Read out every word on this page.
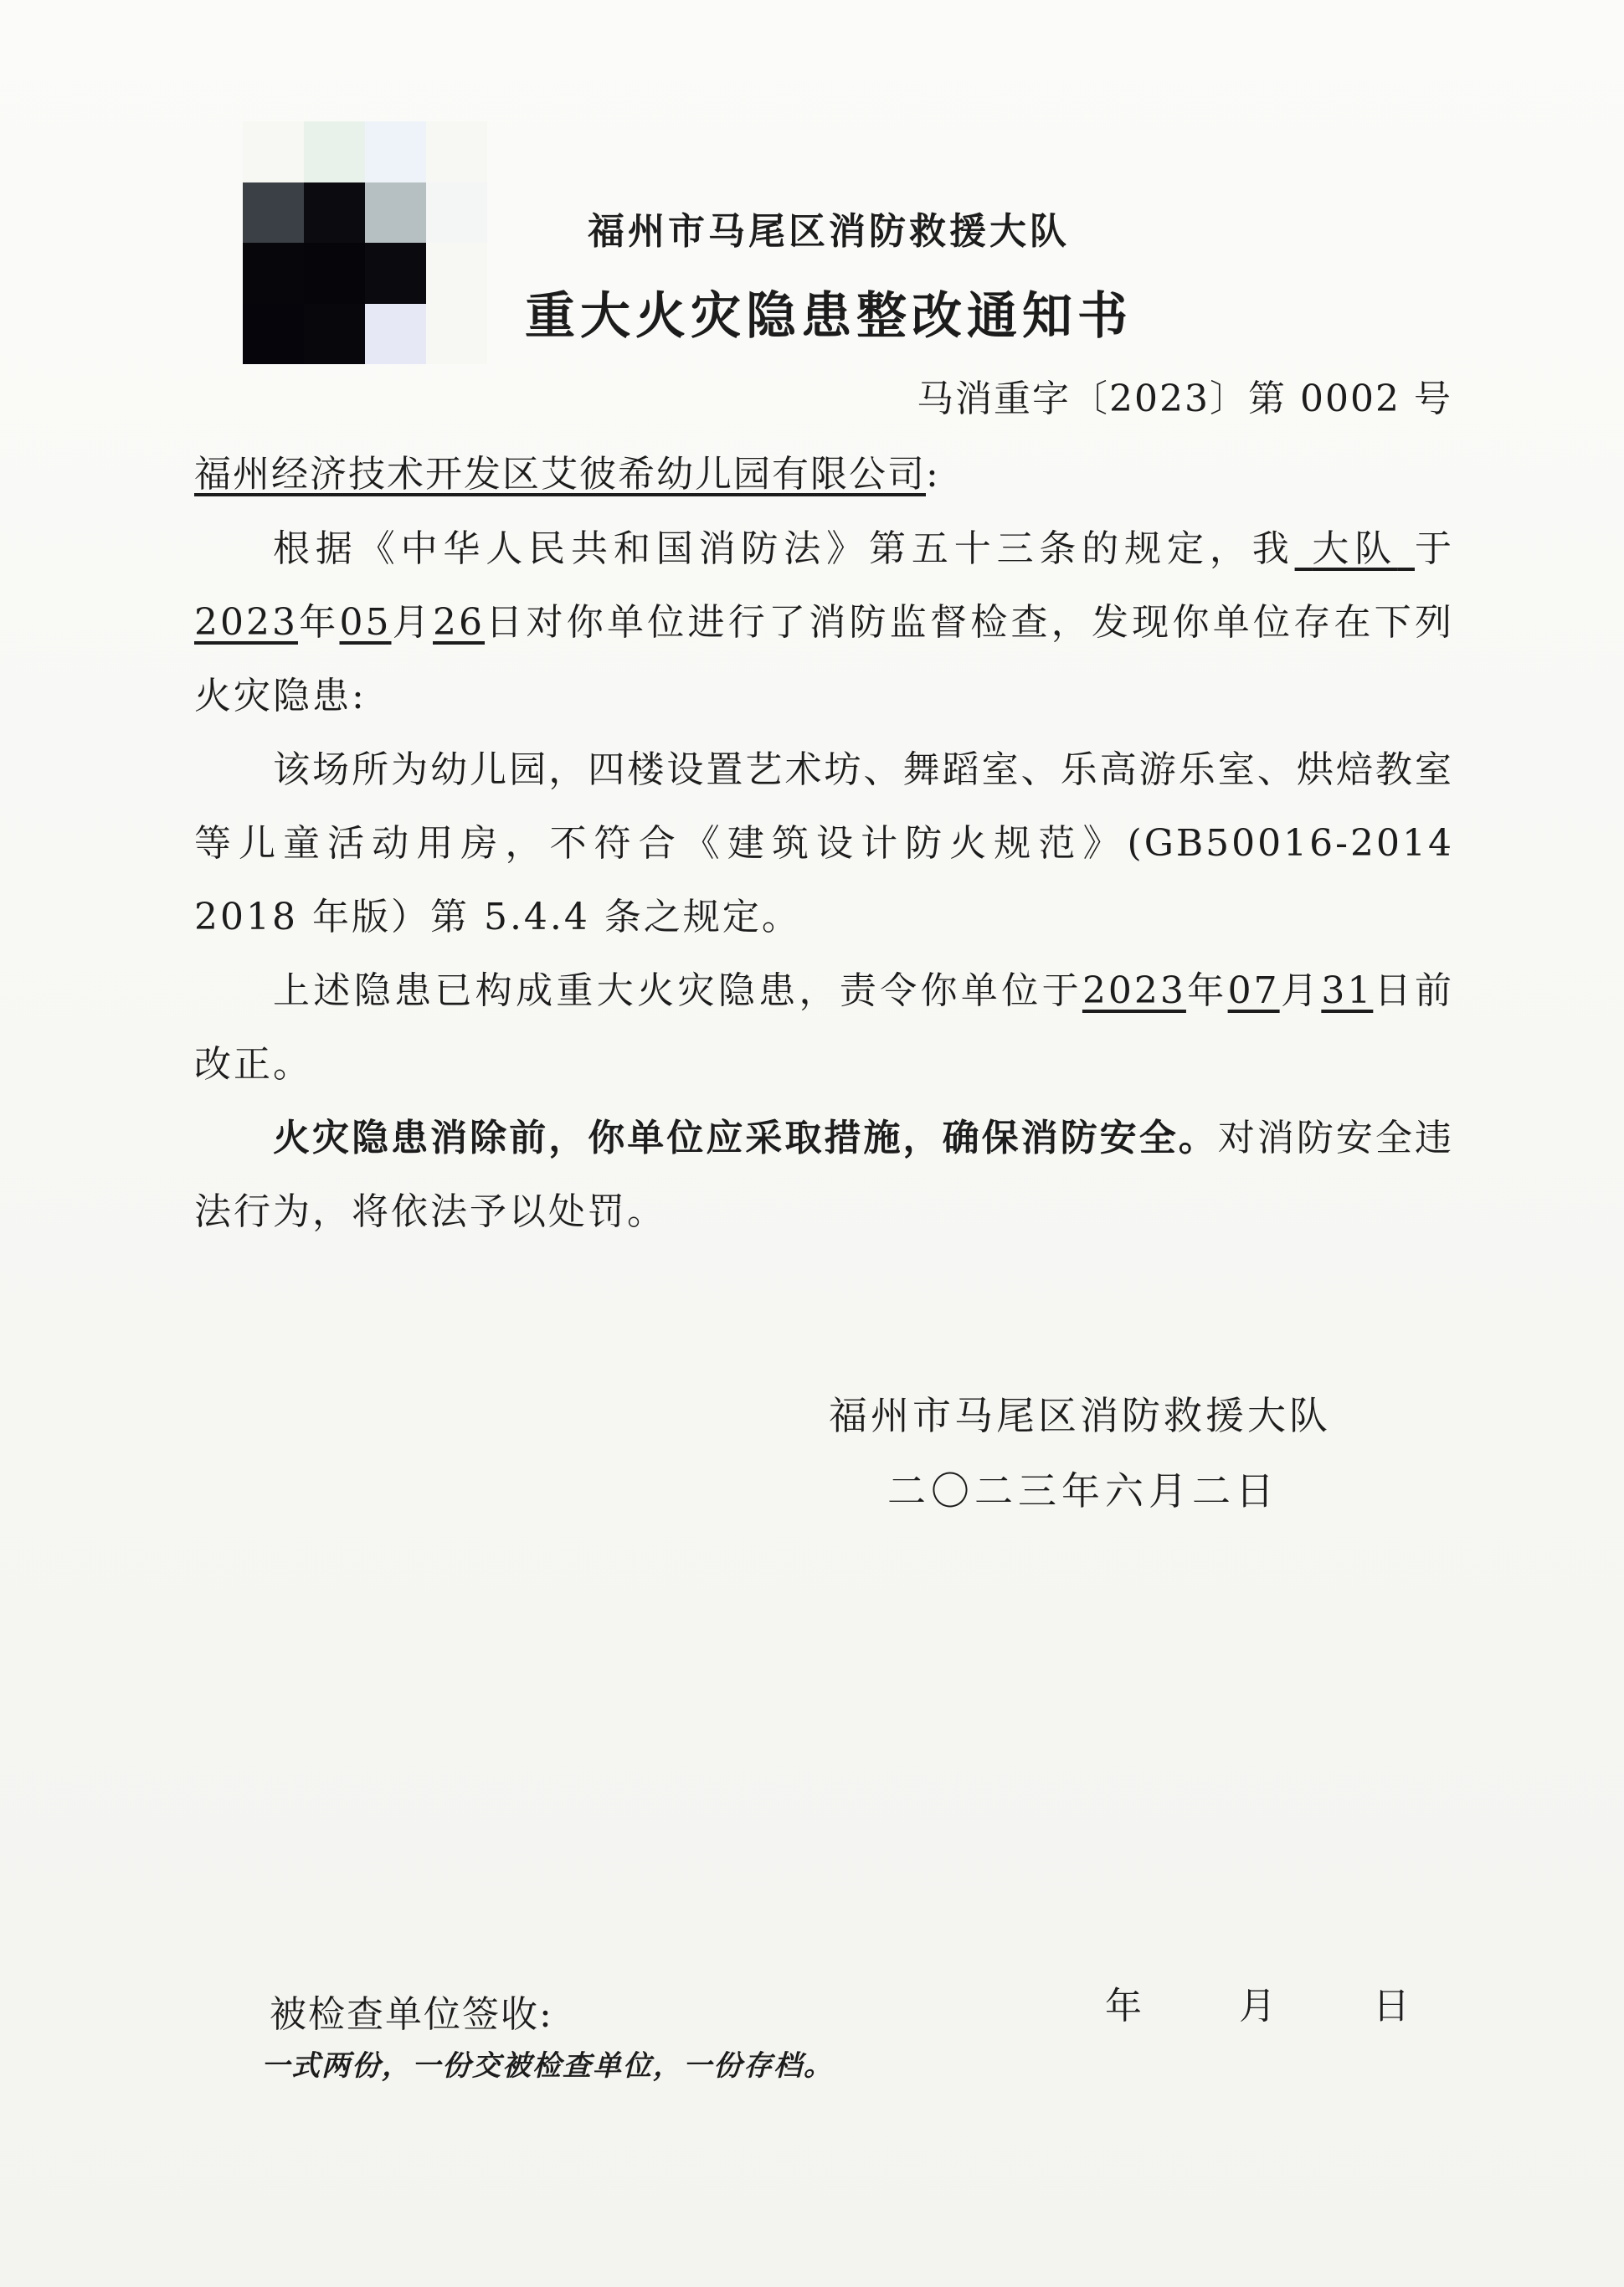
福州市马尾区消防救援大队
重大火灾隐患整改通知书
马消重字〔2023〕第 0002 号
福州经济技术开发区艾彼希幼儿园有限公司:

根据《中华人民共和国消防法》第五十三条的规定，我 大队 于2023年05月26日对你单位进行了消防监督检查，发现你单位存在下列火灾隐患:

该场所为幼儿园，四楼设置艺术坊、舞蹈室、乐高游乐室、烘焙教室等儿童活动用房，不符合《建筑设计防火规范》(GB50016-2014 2018 年版）第 5.4.4 条之规定。

上述隐患已构成重大火灾隐患，责令你单位于2023年07月31日前改正。

火灾隐患消除前，你单位应采取措施，确保消防安全。对消防安全违法行为，将依法予以处罚。

福州市马尾区消防救援大队
二〇二三年六月二日
被检查单位签收:	年	月	日
一式两份，一份交被检查单位，一份存档。
